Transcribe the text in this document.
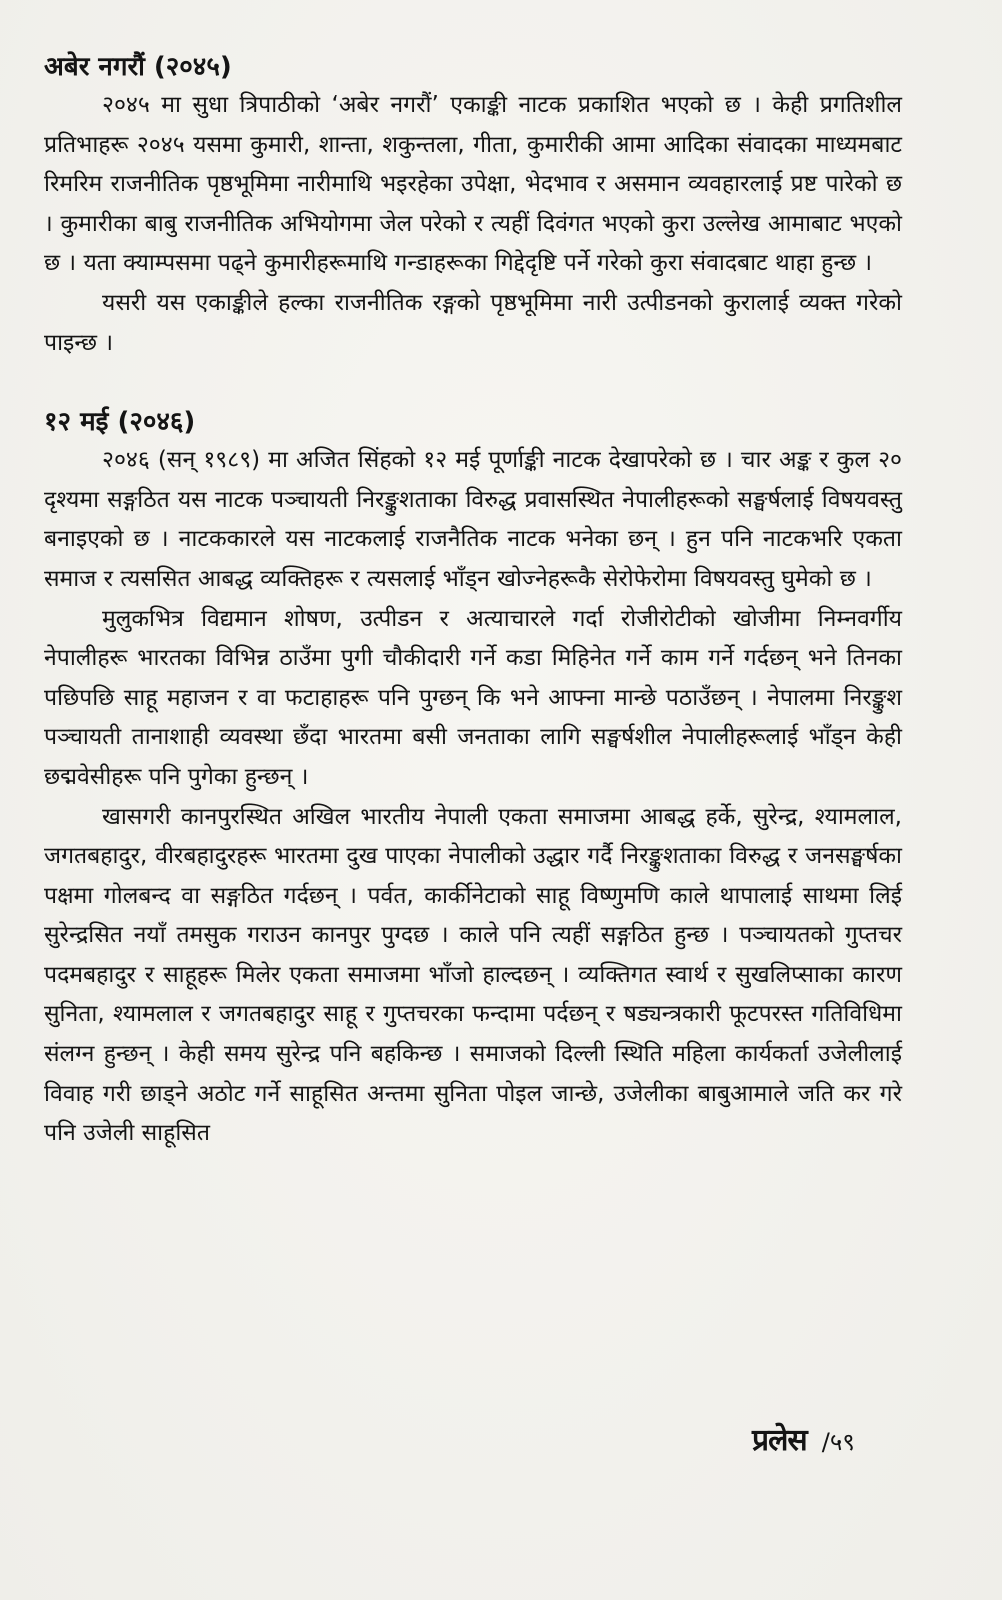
अबेर नगरौं (२०४५)

२०४५ मा सुधा त्रिपाठीको ‘अबेर नगरौं’ एकाङ्की नाटक प्रकाशित भएको छ । केही प्रगतिशील प्रतिभाहरू २०४५ यसमा कुमारी, शान्ता, शकुन्तला, गीता, कुमारीकी आमा आदिका संवादका माध्यमबाट रिमरिम राजनीतिक पृष्ठभूमिमा नारीमाथि भइरहेका उपेक्षा, भेदभाव र असमान व्यवहारलाई प्रष्ट पारेको छ । कुमारीका बाबु राजनीतिक अभियोगमा जेल परेको र त्यहीं दिवंगत भएको कुरा उल्लेख आमाबाट भएको छ । यता क्याम्पसमा पढ्ने कुमारीहरूमाथि गन्डाहरूका गिद्देदृष्टि पर्ने गरेको कुरा संवादबाट थाहा हुन्छ ।

यसरी यस एकाङ्कीले हल्का राजनीतिक रङ्गको पृष्ठभूमिमा नारी उत्पीडनको कुरालाई व्यक्त गरेको पाइन्छ ।

१२ मई (२०४६)

२०४६ (सन् १९८९) मा अजित सिंहको १२ मई पूर्णाङ्की नाटक देखापरेको छ । चार अङ्क र कुल २० दृश्यमा सङ्गठित यस नाटक पञ्चायती निरङ्कुशताका विरुद्ध प्रवासस्थित नेपालीहरूको सङ्घर्षलाई विषयवस्तु बनाइएको छ । नाटककारले यस नाटकलाई राजनैतिक नाटक भनेका छन् । हुन पनि नाटकभरि एकता समाज र त्यससित आबद्ध व्यक्तिहरू र त्यसलाई भाँड्न खोज्नेहरूकै सेरोफेरोमा विषयवस्तु घुमेको छ ।

मुलुकभित्र विद्यमान शोषण, उत्पीडन र अत्याचारले गर्दा रोजीरोटीको खोजीमा निम्नवर्गीय नेपालीहरू भारतका विभिन्न ठाउँमा पुगी चौकीदारी गर्ने कडा मिहिनेत गर्ने काम गर्ने गर्दछन् भने तिनका पछिपछि साहू महाजन र वा फटाहाहरू पनि पुग्छन् कि भने आफ्ना मान्छे पठाउँछन् । नेपालमा निरङ्कुश पञ्चायती तानाशाही व्यवस्था छँदा भारतमा बसी जनताका लागि सङ्घर्षशील नेपालीहरूलाई भाँड्न केही छद्मवेसीहरू पनि पुगेका हुन्छन् ।

खासगरी कानपुरस्थित अखिल भारतीय नेपाली एकता समाजमा आबद्ध हर्के, सुरेन्द्र, श्यामलाल, जगतबहादुर, वीरबहादुरहरू भारतमा दुख पाएका नेपालीको उद्धार गर्दै निरङ्कुशताका विरुद्ध र जनसङ्घर्षका पक्षमा गोलबन्द वा सङ्गठित गर्दछन् । पर्वत, कार्कीनेटाको साहू विष्णुमणि काले थापालाई साथमा लिई सुरेन्द्रसित नयाँ तमसुक गराउन कानपुर पुग्दछ । काले पनि त्यहीं सङ्गठित हुन्छ । पञ्चायतको गुप्तचर पदमबहादुर र साहूहरू मिलेर एकता समाजमा भाँजो हाल्दछन् । व्यक्तिगत स्वार्थ र सुखलिप्साका कारण सुनिता, श्यामलाल र जगतबहादुर साहू र गुप्तचरका फन्दामा पर्दछन् र षड्यन्त्रकारी फूटपरस्त गतिविधिमा संलग्न हुन्छन् । केही समय सुरेन्द्र पनि बहकिन्छ । समाजको दिल्ली स्थिति महिला कार्यकर्ता उजेलीलाई विवाह गरी छाड्ने अठोट गर्ने साहूसित अन्तमा सुनिता पोइल जान्छे, उजेलीका बाबुआमाले जति कर गरे पनि उजेली साहूसित

प्रलेस /५९
